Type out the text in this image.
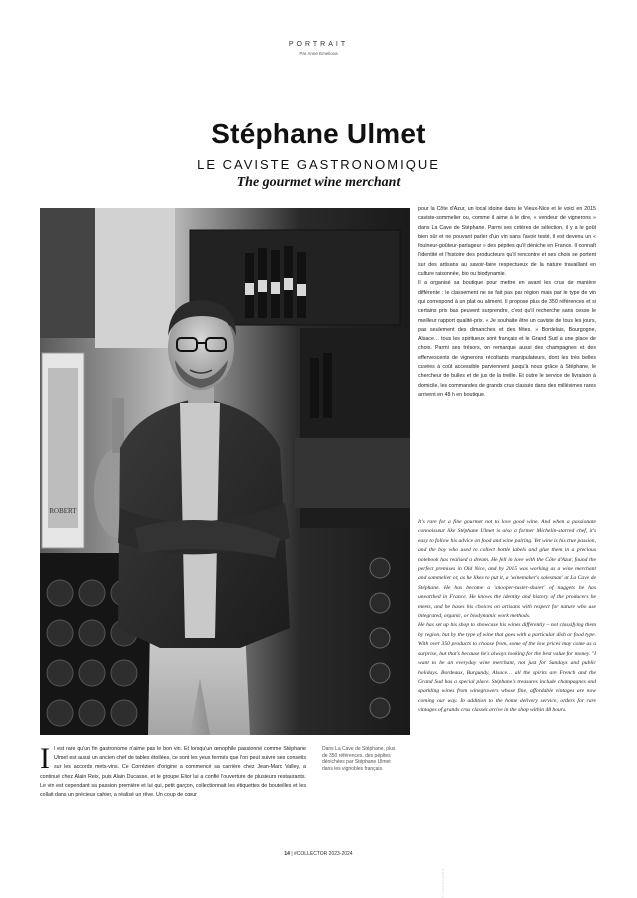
PORTRAIT
Par Anne Emeliova
Stéphane Ulmet
LE CAVISTE GASTRONOMIQUE
The gourmet wine merchant
ROBERT
© Jérémie Lapierre

pour la Côte d'Azur, un local idoine dans le Vieux-Nice et le voici en 2015 caviste-sommelier ou, comme il aime à le dire, « vendeur de vignerons » dans La Cave de Stéphane. Parmi ses critères de sélection, il y a le goût bien sûr et ne pouvant parler d'un vin sans l'avoir testé, il est devenu un « fouineur-goûteur-partageur » des pépites qu'il déniche en France. Il connaît l'identité et l'histoire des producteurs qu'il rencontre et ses choix se portent sur des artisans au savoir-faire respectueux de la nature travaillant en culture raisonnée, bio ou biodynamie.

Il a organisé sa boutique pour mettre en avant les crus de manière différente : le classement ne se fait pas par région mais par le type de vin qui correspond à un plat ou aliment. Il propose plus de 350 références et si certains prix bas peuvent surprendre, c'est qu'il recherche sans cesse le meilleur rapport qualité-prix. « Je souhaite être un caviste de tous les jours, pas seulement des dimanches et des fêtes. » Bordelais, Bourgogne, Alsace… tous les spiritueux sont français et le Grand Sud a une place de choix. Parmi ses trésors, on remarque aussi des champagnes et des effervescents de vignerons récoltants manipulateurs, dont les très belles cuvées à coût accessible parviennent jusqu'à nous grâce à Stéphane, le chercheur de bulles et de jus de la treille. Et outre le service de livraison à domicile, les commandes de grands crus classés dans des millésimes rares arrivent en 48 h en boutique.

It's rare for a fine gourmet not to love good wine. And when a passionate connoisseur like Stéphane Ulmet is also a former Michelin-starred chef, it's easy to follow his advice on food and wine pairing. Yet wine is his true passion, and the boy who used to collect bottle labels and glue them in a precious notebook has realised a dream. He fell in love with the Côte d'Azur, found the perfect premises in Old Nice, and by 2015 was working as a wine merchant and sommelier or, as he likes to put it, a 'winemaker's salesman' at La Cave de Stéphane. He has become a 'snooper-taster-sharer' of nuggets he has unearthed in France. He knows the identity and history of the producers he meets, and he bases his choices on artisans with respect for nature who use integrated, organic, or biodynamic work methods.

He has set up his shop to showcase his wines differently – not classifying them by region, but by the type of wine that goes with a particular dish or food type. With over 350 products to choose from, some of the low prices may come as a surprise, but that's because he's always looking for the best value for money. "I want to be an everyday wine merchant, not just for Sundays and public holidays. Bordeaux, Burgundy, Alsace… all the spirits are French and the Grand Sud has a special place. Stéphane's treasures include champagnes and sparkling wines from winegrowers whose fine, affordable vintages are now coming our way. In addition to the home delivery service, orders for rare vintages of grands crus classés arrive in the shop within 48 hours.

Il est rare qu'un fin gastronome n'aime pas le bon vin. Et lorsqu'un œnophile passionné comme Stéphane Ulmet est aussi un ancien chef de tables étoilées, ce sont les yeux fermés que l'on peut suivre ses conseils sur les accords mets-vins. Ce Corrézien d'origine a commencé sa carrière chez Jean-Marc Valley, a continué chez Alain Reix, puis Alain Ducasse, et le groupe Elior lui a confié l'ouverture de plusieurs restaurants. Le vin est cependant sa passion première et lui qui, petit garçon, collectionnait les étiquettes de bouteilles et les collait dans un précieux cahier, a réalisé un rêve. Un coup de cœur
Dans La Cave de Stéphane, plus de 350 références, des pépites dénichées par Stéphane Ulmet dans les vignobles français.
14 | #COLLECTOR 2023-2024
